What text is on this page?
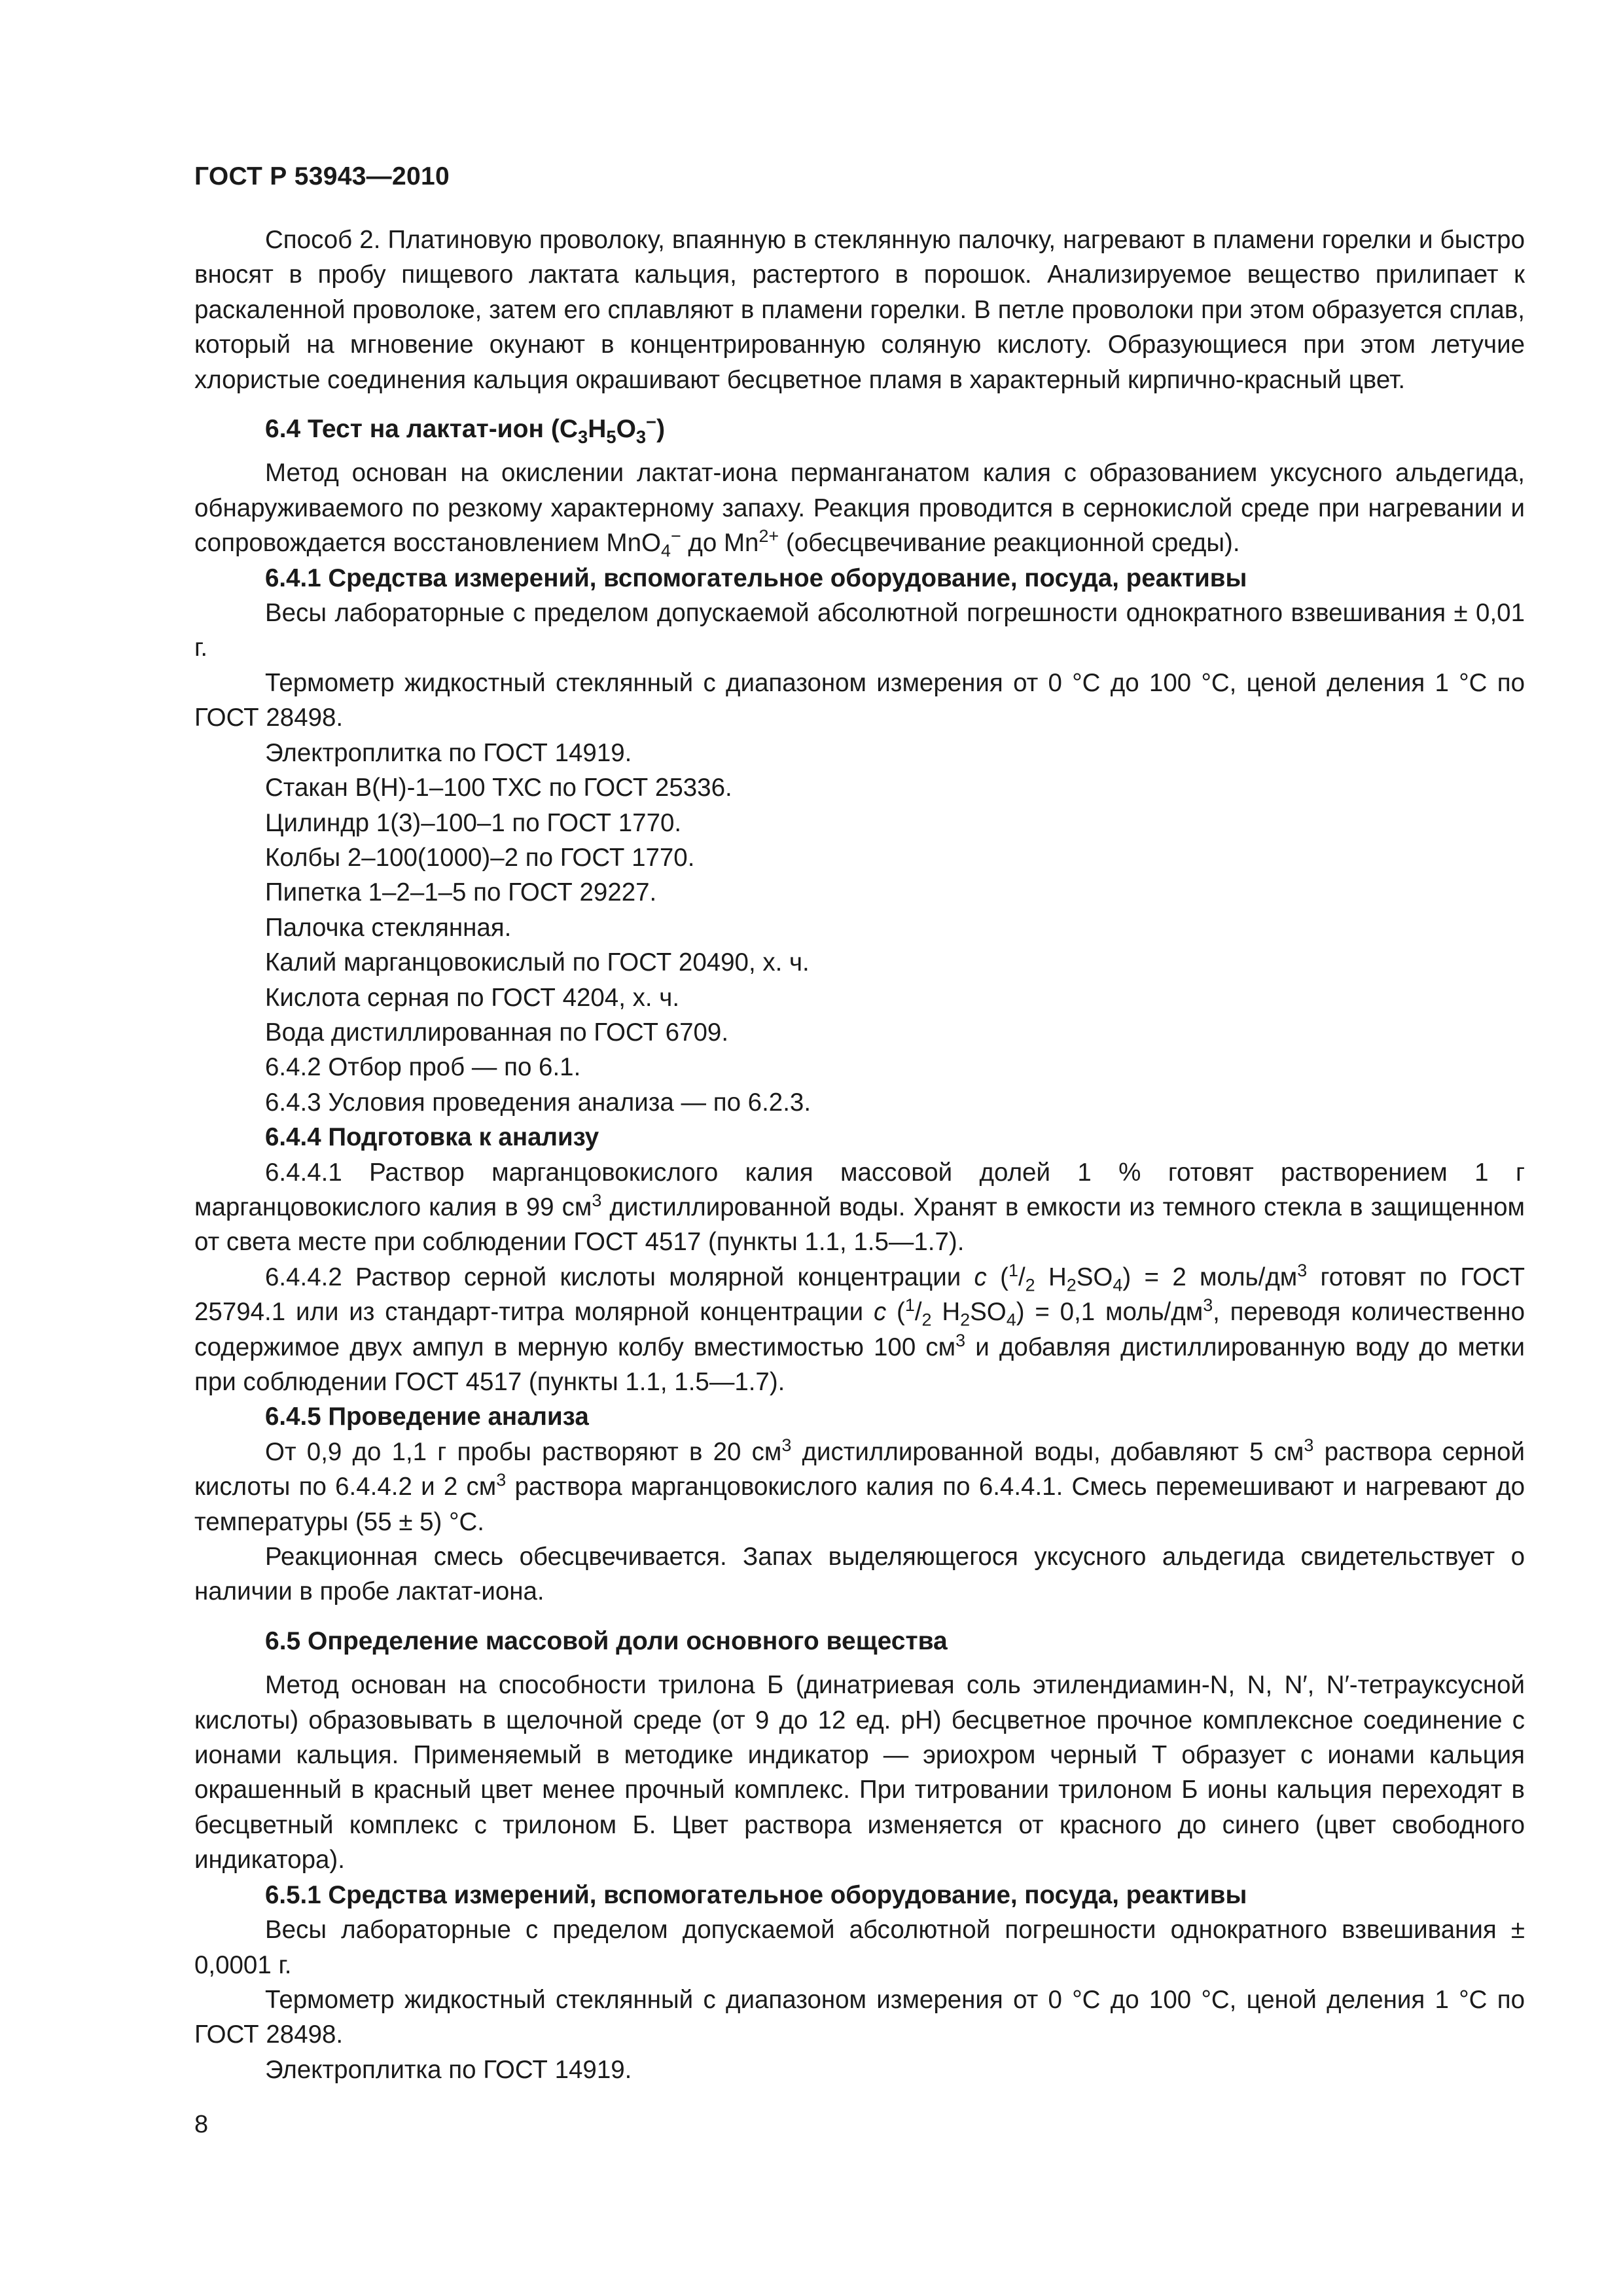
ГОСТ Р 53943—2010

Способ 2. Платиновую проволоку, впаянную в стеклянную палочку, нагревают в пламени горелки и быстро вносят в пробу пищевого лактата кальция, растертого в порошок. Анализируемое вещество прилипает к раскаленной проволоке, затем его сплавляют в пламени горелки. В петле проволоки при этом образуется сплав, который на мгновение окунают в концентрированную соляную кислоту. Образующиеся при этом летучие хлористые соединения кальция окрашивают бесцветное пламя в характерный кирпично-красный цвет.

6.4 Тест на лактат-ион $(C_3H_5O_3^-)$

Метод основан на окислении лактат-иона перманганатом калия с образованием уксусного альдегида, обнаруживаемого по резкому характерному запаху. Реакция проводится в сернокислой среде при нагревании и сопровождается восстановлением MnO$_4$− до $Mn^{2+}$ (обесцвечивание реакционной среды).

6.4.1 Средства измерений, вспомогательное оборудование, посуда, реактивы

Весы лабораторные с пределом допускаемой абсолютной погрешности однократного взвешивания ± 0,01 г.

Термометр жидкостный стеклянный с диапазоном измерения от 0 °С до 100 °С, ценой деления 1 °С по ГОСТ 28498.

Электроплитка по ГОСТ 14919.

Стакан В(Н)-1–100 ТХС по ГОСТ 25336.

Цилиндр 1(3)–100–1 по ГОСТ 1770.

Колбы 2–100(1000)–2 по ГОСТ 1770.

Пипетка 1–2–1–5 по ГОСТ 29227.

Палочка стеклянная.

Калий марганцовокислый по ГОСТ 20490, х. ч.

Кислота серная по ГОСТ 4204, х. ч.

Вода дистиллированная по ГОСТ 6709.

6.4.2 Отбор проб — по 6.1.

6.4.3 Условия проведения анализа — по 6.2.3.

6.4.4 Подготовка к анализу

6.4.4.1 Раствор марганцовокислого калия массовой долей 1 % готовят растворением 1 г марганцовокислого калия в 99 $см^3$ дистиллированной воды. Хранят в емкости из темного стекла в защищенном от света месте при соблюдении ГОСТ 4517 (пункты 1.1, 1.5—1.7).

6.4.4.2 Раствор серной кислоты молярной концентрации c ($^1/_2$ $H_2SO_4) = 2$ моль/$дм^3$ готовят по ГОСТ 25794.1 или из стандарт-титра молярной концентрации c ($^1/_2$ $H_2SO_4) = 0,1$ моль/$дм^3$, переводя количественно содержимое двух ампул в мерную колбу вместимостью 100 $см^3$ и добавляя дистиллированную воду до метки при соблюдении ГОСТ 4517 (пункты 1.1, 1.5—1.7).

6.4.5 Проведение анализа

От 0,9 до 1,1 г пробы растворяют в 20 $см^3$ дистиллированной воды, добавляют 5 $см^3$ раствора серной кислоты по 6.4.4.2 и 2 $см^3$ раствора марганцовокислого калия по 6.4.4.1. Смесь перемешивают и нагревают до температуры (55 ± 5) °С.

Реакционная смесь обесцвечивается. Запах выделяющегося уксусного альдегида свидетельствует о наличии в пробе лактат-иона.

6.5 Определение массовой доли основного вещества

Метод основан на способности трилона Б (динатриевая соль этилендиамин-N, N, N′, N′-тетрауксусной кислоты) образовывать в щелочной среде (от 9 до 12 ед. рН) бесцветное прочное комплексное соединение с ионами кальция. Применяемый в методике индикатор — эриохром черный Т образует с ионами кальция окрашенный в красный цвет менее прочный комплекс. При титровании трилоном Б ионы кальция переходят в бесцветный комплекс с трилоном Б. Цвет раствора изменяется от красного до синего (цвет свободного индикатора).

6.5.1 Средства измерений, вспомогательное оборудование, посуда, реактивы

Весы лабораторные с пределом допускаемой абсолютной погрешности однократного взвешивания ± 0,0001 г.

Термометр жидкостный стеклянный с диапазоном измерения от 0 °С до 100 °С, ценой деления 1 °С по ГОСТ 28498.

Электроплитка по ГОСТ 14919.

8
